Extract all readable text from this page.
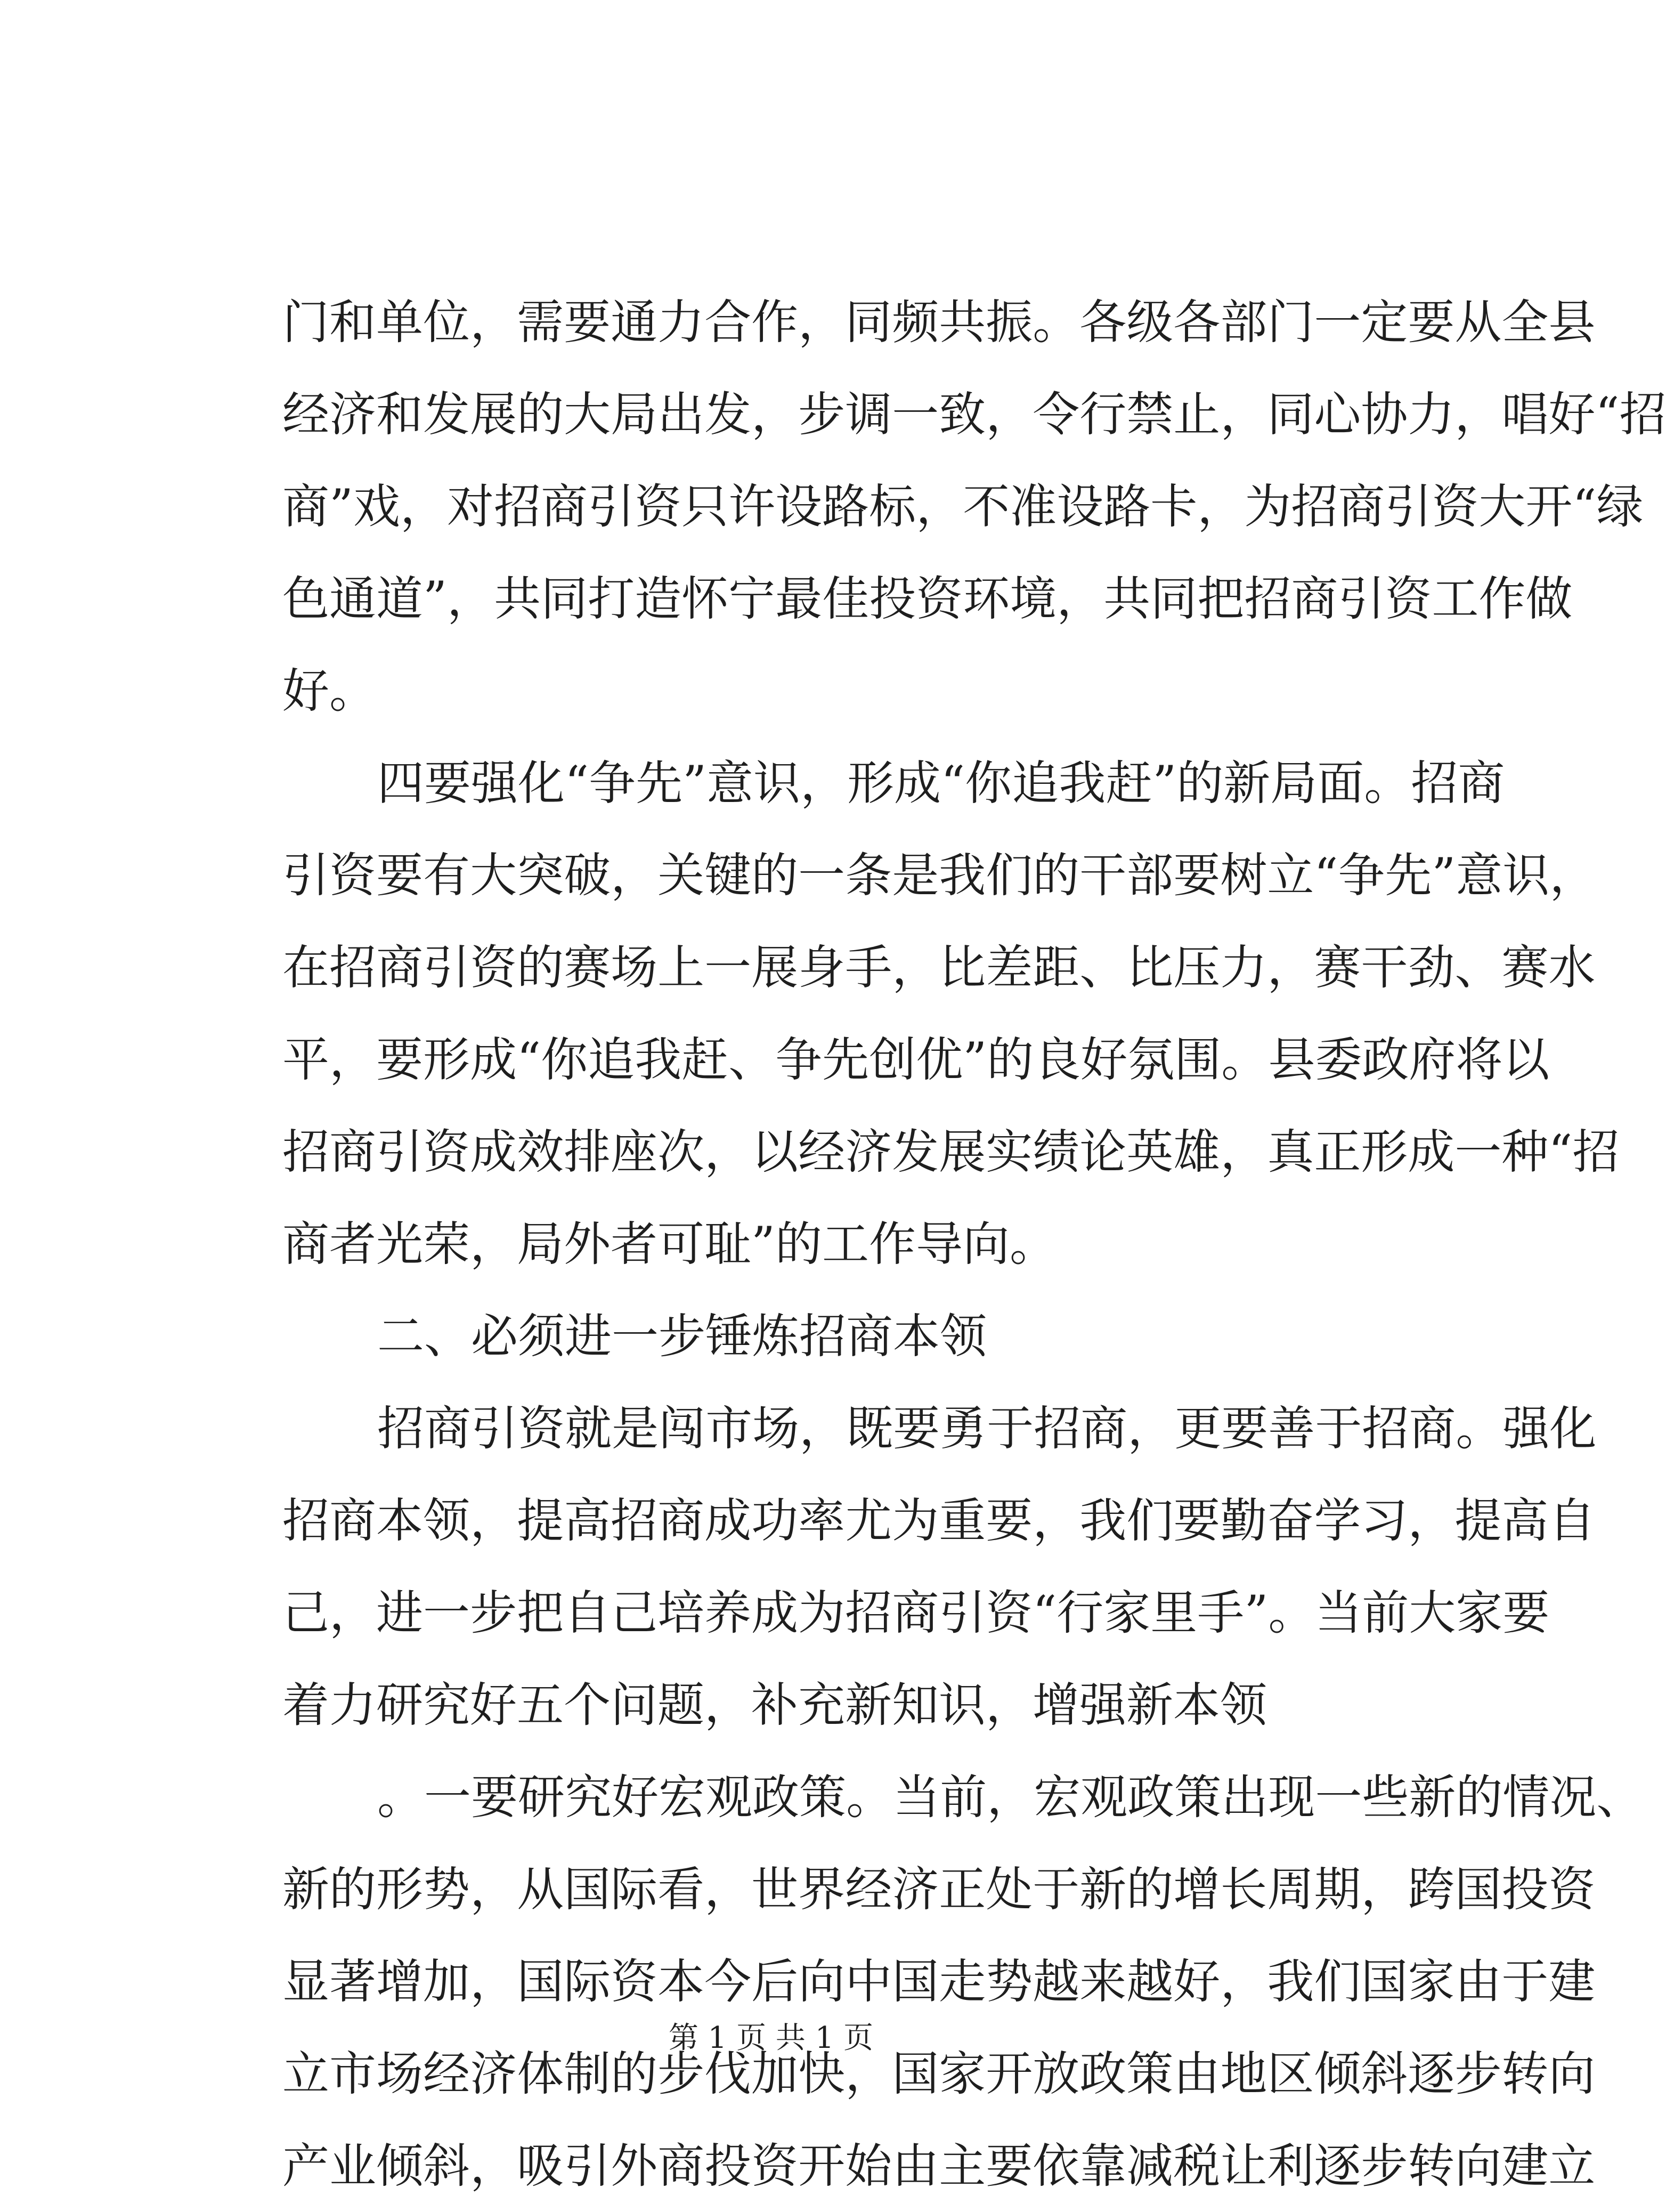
门 和 单 位 ， 需 要 通 力 合 作 ， 同 频 共 振 。 各 级 各 部 门 一 定 要 从 全 县
经 济 和 发 展 的 大 局 出 发 ， 步 调 一 致 ， 令 行 禁 止 ， 同 心 协 力 ， 唱 好 “ 招
商 ” 戏 ， 对 招 商 引 资 只 许 设 路 标 ， 不 准 设 路 卡 ， 为 招 商 引 资 大 开 “ 绿
色 通 道 ” ， 共 同 打 造 怀 宁 最 佳 投 资 环 境 ， 共 同 把 招 商 引 资 工 作 做
好。
四 要 强 化 “ 争 先 ” 意 识 ， 形 成 “ 你 追 我 赶 ” 的 新 局 面 。 招 商
引 资 要 有 大 突 破 ， 关 键 的 一 条 是 我 们 的 干 部 要 树 立 “ 争 先 ” 意 识 ，
在 招 商 引 资 的 赛 场 上 一 展 身 手 ， 比 差 距 、 比 压 力 ， 赛 干 劲 、 赛 水
平 ， 要 形 成 “ 你 追 我 赶 、 争 先 创 优 ” 的 良 好 氛 围 。 县 委 政 府 将 以
招 商 引 资 成 效 排 座 次 ， 以 经 济 发 展 实 绩 论 英 雄 ， 真 正 形 成 一 种 “ 招
商者光荣，局外者可耻”的工作导向。
二、必须进一步锤炼招商本领
招 商 引 资 就 是 闯 市 场 ， 既 要 勇 于 招 商 ， 更 要 善 于 招 商 。 强 化
招 商 本 领 ， 提 高 招 商 成 功 率 尤 为 重 要 ， 我 们 要 勤 奋 学 习 ， 提 高 自
己 ， 进 一 步 把 自 己 培 养 成 为 招 商 引 资 “ 行 家 里 手 ” 。 当 前 大 家 要
着力研究好五个问题，补充新知识，增强新本领
。 一 要 研 究 好 宏 观 政 策 。 当 前 ， 宏 观 政 策 出 现 一 些 新 的 情 况 、
新 的 形 势 ， 从 国 际 看 ， 世 界 经 济 正 处 于 新 的 增 长 周 期 ， 跨 国 投 资
显 著 增 加 ， 国 际 资 本 今 后 向 中 国 走 势 越 来 越 好 ， 我 们 国 家 由 于 建
立 市 场 经 济 体 制 的 步 伐 加 快 ， 国 家 开 放 政 策 由 地 区 倾 斜 逐 步 转 向
产 业 倾 斜 ， 吸 引 外 商 投 资 开 始 由 主 要 依 靠 减 税 让 利 逐 步 转 向 建 立
第 1 页 共 1 页
